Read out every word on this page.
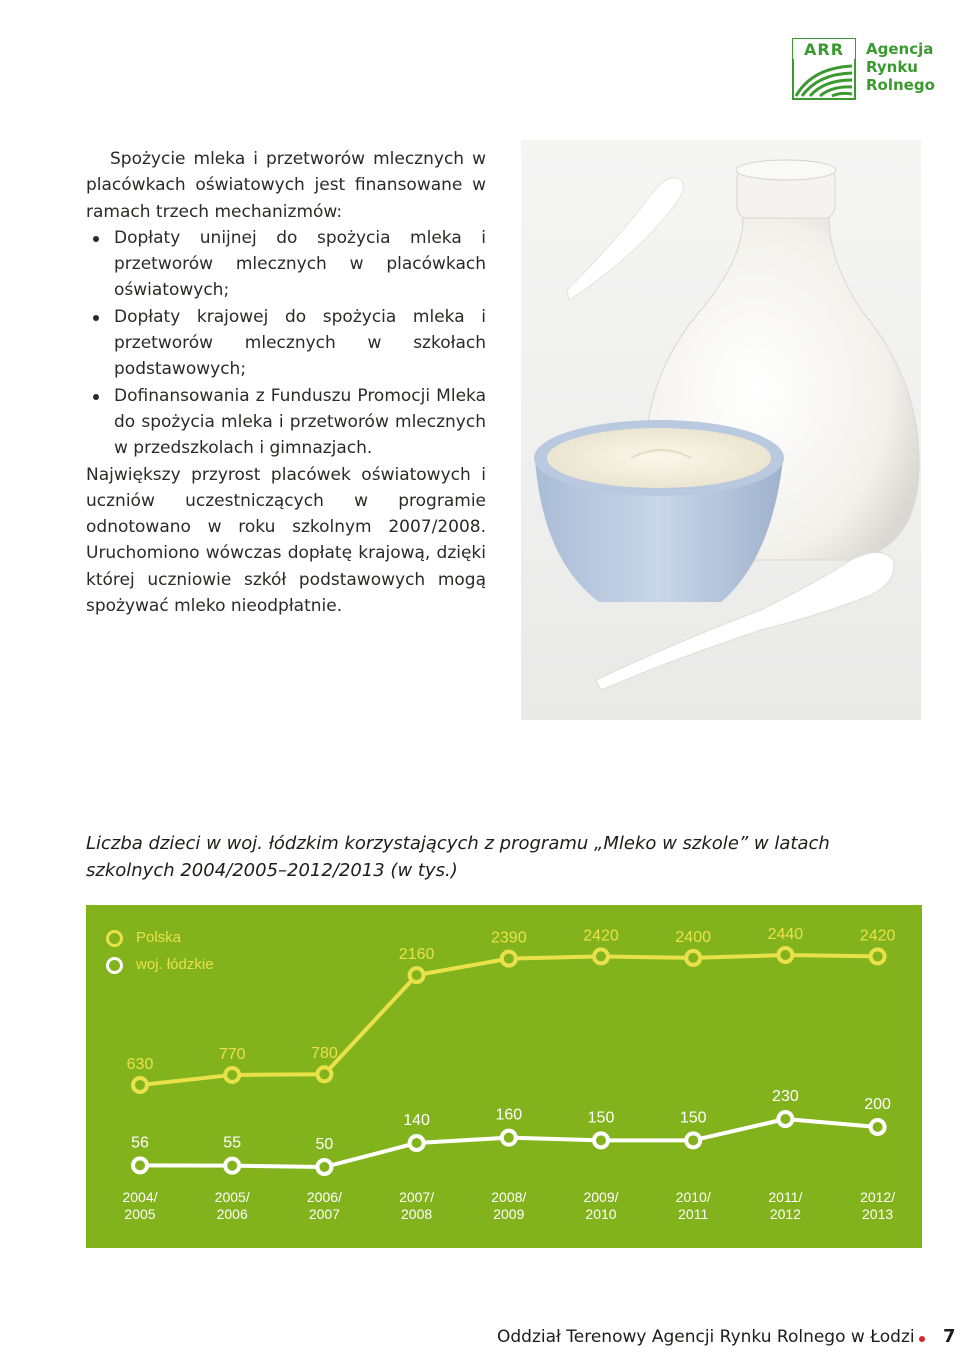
ARR	Agencja
Rynku
Rolnego

Spożycie mleka i przetworów mlecznych w placówkach oświatowych jest finansowane w ramach trzech mechanizmów:

Dopłaty unijnej do spożycia mleka i przetworów mlecznych w placówkach oświatowych;
Dopłaty krajowej do spożycia mleka i przetworów mlecznych w szkołach podstawowych;
Dofinansowania z Funduszu Promocji Mleka do spożycia mleka i przetworów mlecznych w przedszkolach i gimnazjach.

Największy przyrost placówek oświatowych i uczniów uczestniczących w programie odnotowano w roku szkolnym 2007/2008. Uruchomiono wówczas dopłatę krajową, dzięki której uczniowie szkół podstawowych mogą spożywać mleko nieodpłatnie.

Liczba dzieci w woj. łódzkim korzystających z programu „Mleko w szkole” w latach szkolnych 2004/2005–2012/2013 (w tys.)
630
770	780
2160
2390	2420	2400	2440	2420
56	55	50
140	160	150	150
230	200
2004/ 2005
2005/ 2006
2006/ 2007
2007/ 2008
2008/ 2009
2009/ 2010
2010/ 2011
2011/ 2012
2012/ 2013
Polska
woj. łódzkie
Oddział Terenowy Agencji Rynku Rolnego w Łodzi 7
